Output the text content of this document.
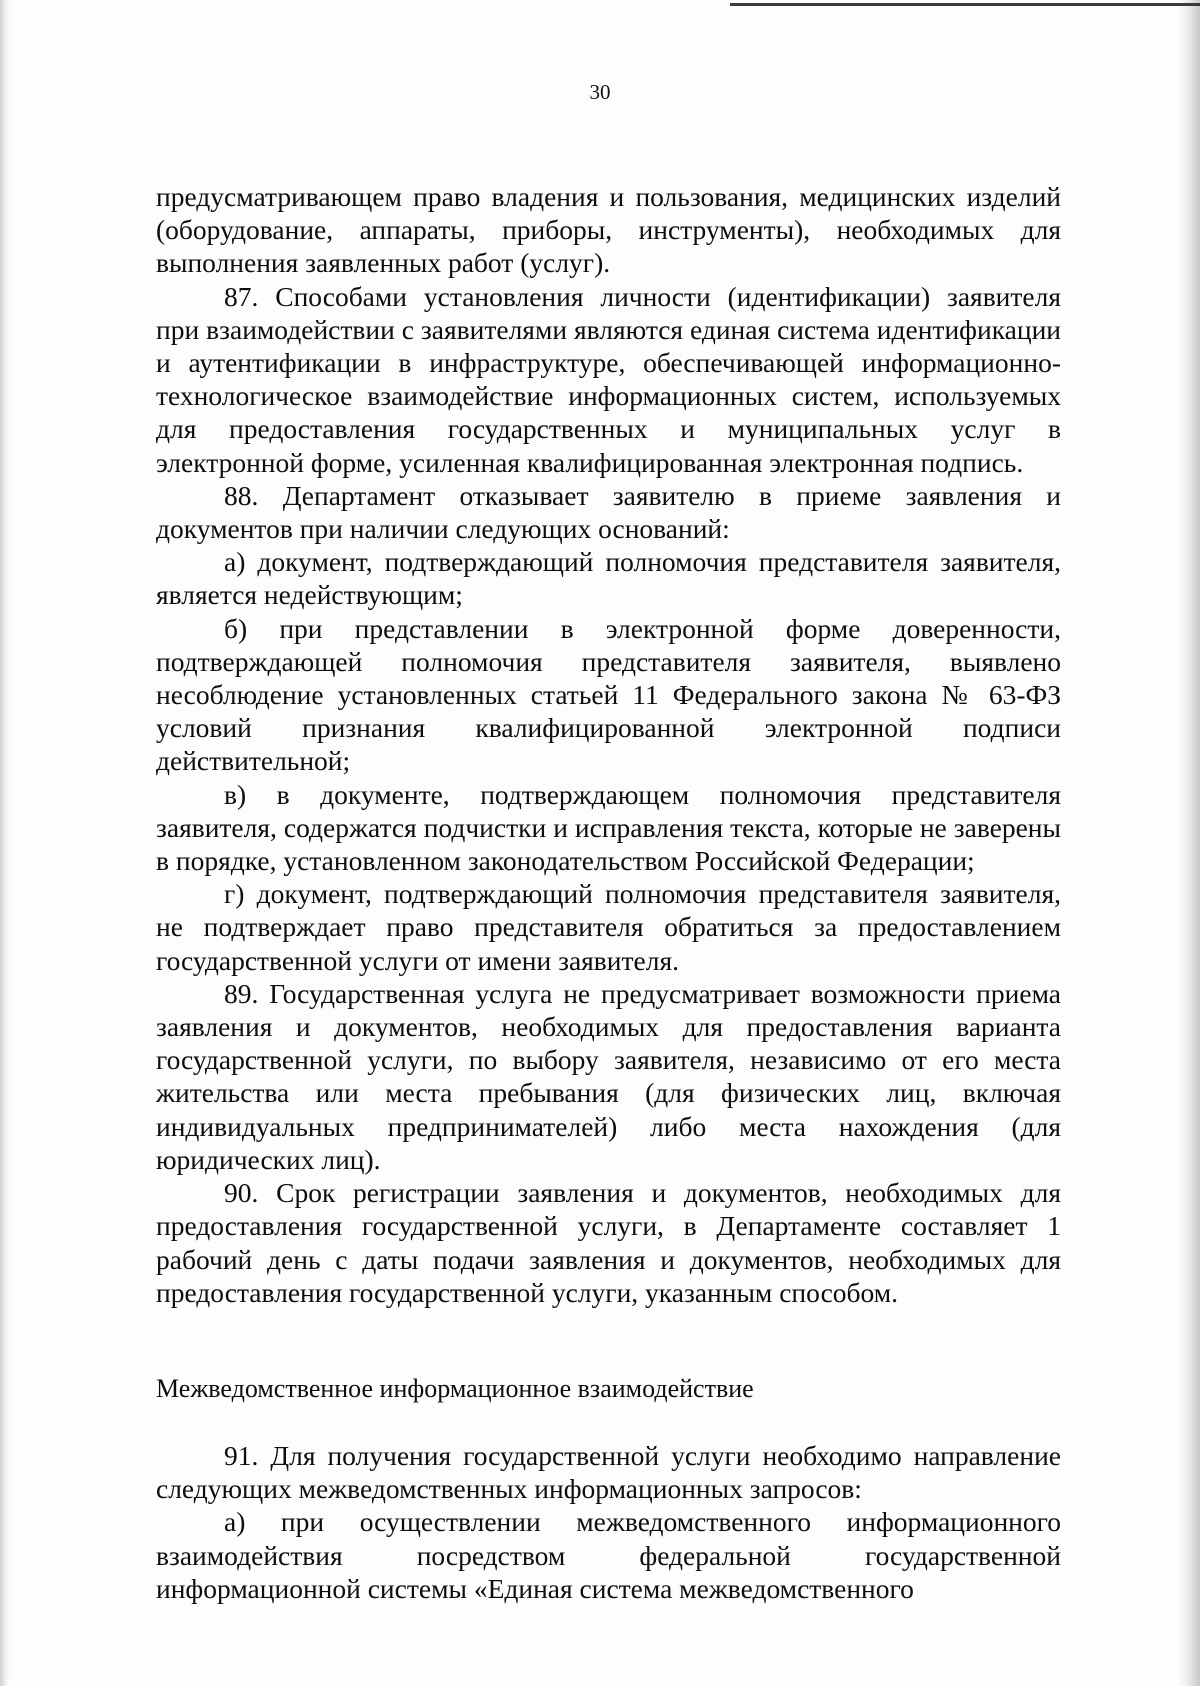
30

предусматривающем право владения и пользования, медицинских изделий (оборудование, аппараты, приборы, инструменты), необходимых для выполнения заявленных работ (услуг).

87. Способами установления личности (идентификации) заявителя при взаимодействии с заявителями являются единая система идентификации и аутентификации в инфраструктуре, обеспечивающей информационно-технологическое взаимодействие информационных систем, используемых для предоставления государственных и муниципальных услуг в электронной форме, усиленная квалифицированная электронная подпись.

88. Департамент отказывает заявителю в приеме заявления и документов при наличии следующих оснований:

а) документ, подтверждающий полномочия представителя заявителя, является недействующим;

б) при представлении в электронной форме доверенности, подтверждающей полномочия представителя заявителя, выявлено несоблюдение установленных статьей 11 Федерального закона № 63-ФЗ условий признания квалифицированной электронной подписи действительной;

в) в документе, подтверждающем полномочия представителя заявителя, содержатся подчистки и исправления текста, которые не заверены в порядке, установленном законодательством Российской Федерации;

г) документ, подтверждающий полномочия представителя заявителя, не подтверждает право представителя обратиться за предоставлением государственной услуги от имени заявителя.

89. Государственная услуга не предусматривает возможности приема заявления и документов, необходимых для предоставления варианта государственной услуги, по выбору заявителя, независимо от его места жительства или места пребывания (для физических лиц, включая индивидуальных предпринимателей) либо места нахождения (для юридических лиц).

90. Срок регистрации заявления и документов, необходимых для предоставления государственной услуги, в Департаменте составляет 1 рабочий день с даты подачи заявления и документов, необходимых для предоставления государственной услуги, указанным способом.

Межведомственное информационное взаимодействие

91. Для получения государственной услуги необходимо направление следующих межведомственных информационных запросов:

а) при осуществлении межведомственного информационного взаимодействия посредством федеральной государственной информационной системы «Единая система межведомственного
